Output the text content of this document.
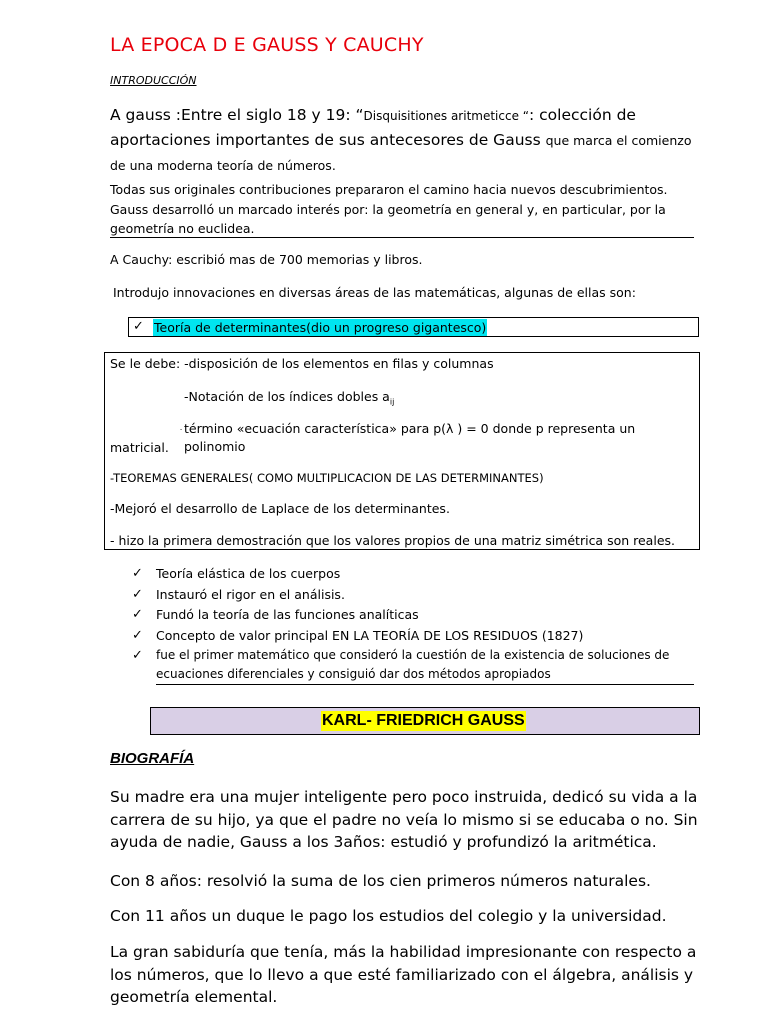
LA EPOCA D E GAUSS Y CAUCHY
INTRODUCCIÓN
A gauss :Entre el siglo 18 y 19: “Disquisitiones aritmeticce “: colección de aportaciones importantes de sus antecesores de Gauss que marca el comienzo de una moderna teoría de números.
Todas sus originales contribuciones prepararon el camino hacia nuevos descubrimientos. Gauss desarrolló un marcado interés por: la geometría en general y, en particular, por la geometría no euclidea.
A Cauchy: escribió mas de 700 memorias y libros.
Introdujo innovaciones en diversas áreas de las matemáticas, algunas de ellas son:
✓ Teoría de determinantes(dio un progreso gigantesco)
Se le debe: -disposición de los elementos en filas y columnas
-Notación de los índices dobles $a_{ij}$
- término «ecuación característica» para p(λ ) = 0 donde p representa un polinomio
matricial.
-TEOREMAS GENERALES( COMO MULTIPLICACION DE LAS DETERMINANTES)
-Mejoró el desarrollo de Laplace de los determinantes.
- hizo la primera demostración que los valores propios de una matriz simétrica son reales.
✓ Teoría elástica de los cuerpos
✓ Instauró el rigor en el análisis.
✓ Fundó la teoría de las funciones analíticas
✓ Concepto de valor principal EN LA TEORÍA DE LOS RESIDUOS (1827)
✓ fue el primer matemático que consideró la cuestión de la existencia de soluciones de
ecuaciones diferenciales y consiguió dar dos métodos apropiados
KARL- FRIEDRICH GAUSS
BIOGRAFÍA
Su madre era una mujer inteligente pero poco instruida, dedicó su vida a la carrera de su hijo, ya que el padre no veía lo mismo si se educaba o no. Sin ayuda de nadie, Gauss a los 3años: estudió y profundizó la aritmética.
Con 8 años: resolvió la suma de los cien primeros números naturales.
Con 11 años un duque le pago los estudios del colegio y la universidad.
La gran sabiduría que tenía, más la habilidad impresionante con respecto a los números, que lo llevo a que esté familiarizado con el álgebra, análisis y geometría elemental.
